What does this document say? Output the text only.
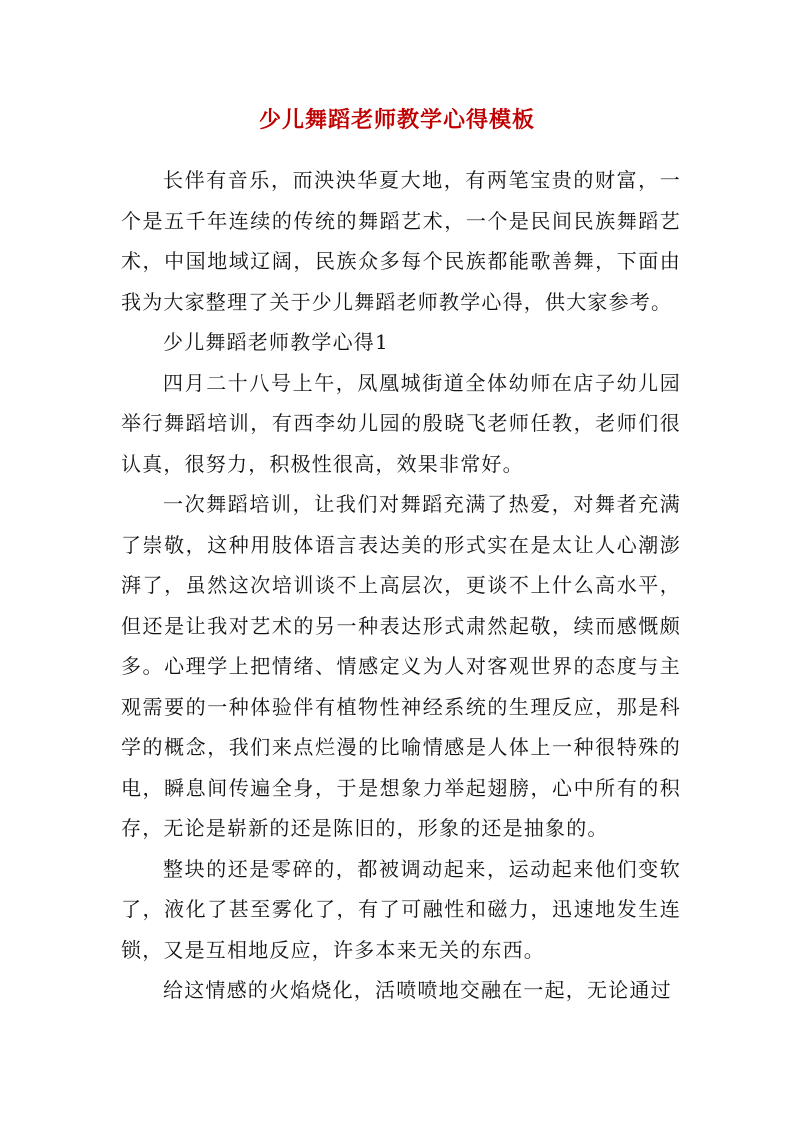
少儿舞蹈老师教学心得模板

长伴有音乐，而泱泱华夏大地，有两笔宝贵的财富，一个是五千年连续的传统的舞蹈艺术，一个是民间民族舞蹈艺术，中国地域辽阔，民族众多每个民族都能歌善舞，下面由我为大家整理了关于少儿舞蹈老师教学心得，供大家参考。

少儿舞蹈老师教学心得1

四月二十八号上午，凤凰城街道全体幼师在店子幼儿园举行舞蹈培训，有西李幼儿园的殷晓飞老师任教，老师们很认真，很努力，积极性很高，效果非常好。

一次舞蹈培训，让我们对舞蹈充满了热爱，对舞者充满了崇敬，这种用肢体语言表达美的形式实在是太让人心潮澎湃了，虽然这次培训谈不上高层次，更谈不上什么高水平，但还是让我对艺术的另一种表达形式肃然起敬，续而感慨颇多。心理学上把情绪、情感定义为人对客观世界的态度与主观需要的一种体验伴有植物性神经系统的生理反应，那是科学的概念，我们来点烂漫的比喻情感是人体上一种很特殊的电，瞬息间传遍全身，于是想象力举起翅膀，心中所有的积存，无论是崭新的还是陈旧的，形象的还是抽象的。

整块的还是零碎的，都被调动起来，运动起来他们变软了，液化了甚至雾化了，有了可融性和磁力，迅速地发生连锁，又是互相地反应，许多本来无关的东西。

给这情感的火焰烧化，活喷喷地交融在一起，无论通过
